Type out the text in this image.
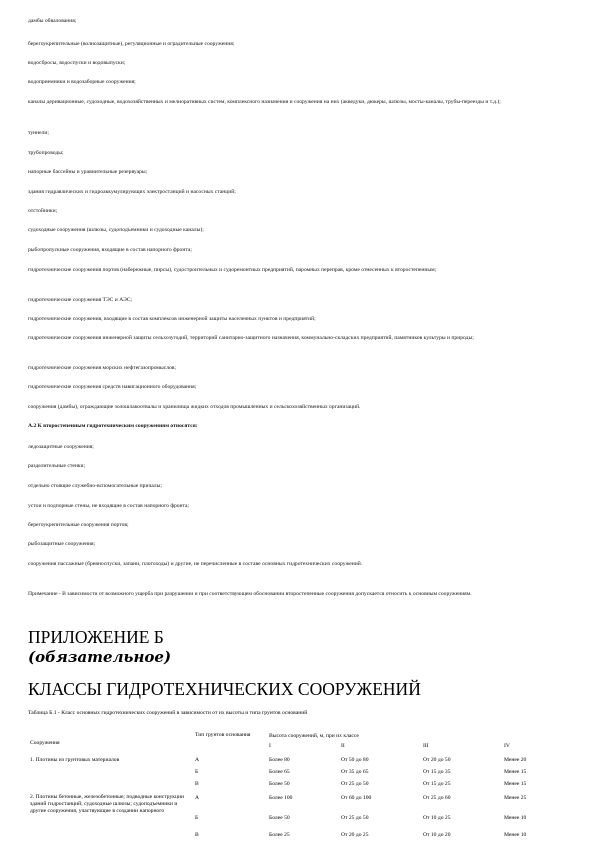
дамбы обвалования;
берегоукрепительные (волнозащитные), регуляционные и оградительные сооружения;
водосбросы, водоспуски и водовыпуски;
водоприемники и водозаборные сооружения;
каналы деривационные, судоходные, водохозяйственных и мелиоративных систем, комплексного назначения и сооружения на них (акведуки, дюкеры, шлюзы, мосты-каналы, трубы-переезды и т.д.);
туннели;
трубопроводы;
напорные бассейны и уравнительные резервуары;
здания гидравлических и гидроаккумулирующих электростанций и насосных станций;
отстойники;
судоходные сооружения (шлюзы, судоподъемники и судоходные каналы);
рыбопропускные сооружения, входящие в состав напорного фронта;
гидротехнические сооружения портов (набережные, пирсы), судостроительных и судоремонтных предприятий, паромных переправ, кроме отнесенных к второстепенным;
гидротехнические сооружения ТЭС и АЭС;
гидротехнические сооружения, входящие в состав комплексов инженерной защиты населенных пунктов и предприятий;
гидротехнические сооружения инженерной защиты сельхозугодий, территорий санитарно-защитного назначения, коммунально-складских предприятий, памятников культуры и природы;
гидротехнические сооружения морских нефтегазопромыслов;
гидротехнические сооружения средств навигационного оборудования;
сооружения (дамбы), ограждающие золошлакоотвалы и хранилища жидких отходов промышленных и сельскохозяйственных организаций.
А.2 К второстепенным гидротехническим сооружениям относятся:
ледозащитные сооружения;
разделительные стенки;
отдельно стоящие служебно-вспомогательные причалы;
устои и подпорные стены, не входящие в состав напорного фронта;
берегоукрепительные сооружения портов;
рыбозащитные сооружения;
сооружения пассажные (бревноспуски, запани, плотоходы) и другие, не перечисленные в составе основных гидротехнических сооружений.
Примечание - В зависимости от возможного ущерба при разрушении и при соответствующем обосновании второстепенные сооружения допускается относить к основным сооружениям.
ПРИЛОЖЕНИЕ Б
(обязательное)
КЛАССЫ ГИДРОТЕХНИЧЕСКИХ СООРУЖЕНИЙ
Таблица Б.1 - Класс основных гидротехнических сооружений в зависимости от их высоты и типа грунтов оснований
Сооружения
Тип грунтов основания	Высота сооружений, м, при их классе
I	II	III	IV
1. Плотины из грунтовых материалов	А	Более 80	От 50 до 80	От 20 до 50	Менее 20
Б	Более 65	От 35 до 65	От 15 до 35	Менее 15
В	Более 50	От 25 до 50	От 15 до 25	Менее 15
2. Плотины бетонные, железобетонные; подводные конструкции зданий гидростанций; судоходные шлюзы; судоподъемники и другие сооружения, участвующие в создании напорного
А	Более 100	От 60 до 100	От 25 до 60	Менее 25
Б	Более 50	От 25 до 50	От 10 до 25	Менее 10
В	Более 25	От 20 до 25	От 10 до 20	Менее 10
